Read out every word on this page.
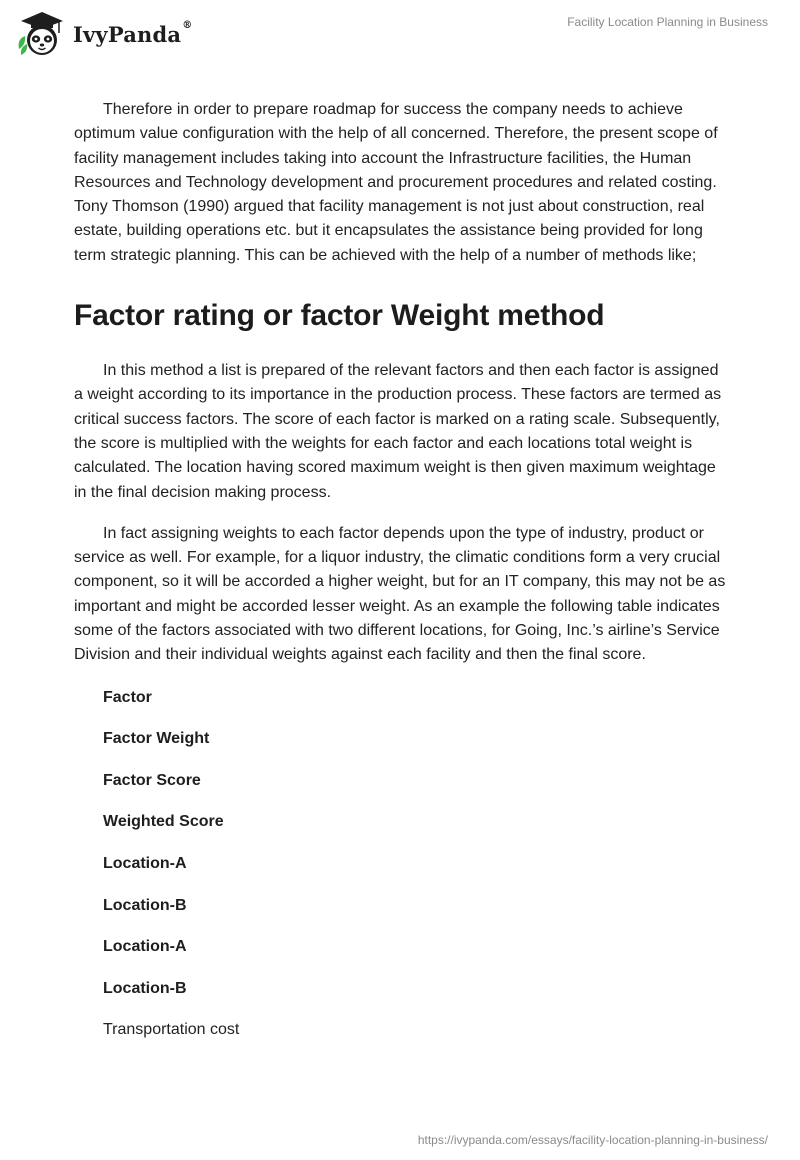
IvyPanda®	Facility Location Planning in Business

Therefore in order to prepare roadmap for success the company needs to achieve optimum value configuration with the help of all concerned. Therefore, the present scope of facility management includes taking into account the Infrastructure facilities, the Human Resources and Technology development and procurement procedures and related costing. Tony Thomson (1990) argued that facility management is not just about construction, real estate, building operations etc. but it encapsulates the assistance being provided for long term strategic planning. This can be achieved with the help of a number of methods like;

Factor rating or factor Weight method

In this method a list is prepared of the relevant factors and then each factor is assigned a weight according to its importance in the production process. These factors are termed as critical success factors. The score of each factor is marked on a rating scale. Subsequently, the score is multiplied with the weights for each factor and each locations total weight is calculated. The location having scored maximum weight is then given maximum weightage in the final decision making process.

In fact assigning weights to each factor depends upon the type of industry, product or service as well. For example, for a liquor industry, the climatic conditions form a very crucial component, so it will be accorded a higher weight, but for an IT company, this may not be as important and might be accorded lesser weight. As an example the following table indicates some of the factors associated with two different locations, for Going, Inc.’s airline’s Service Division and their individual weights against each facility and then the final score.

Factor
Factor Weight
Factor Score
Weighted Score
Location-A
Location-B
Location-A
Location-B
Transportation cost
https://ivypanda.com/essays/facility-location-planning-in-business/
